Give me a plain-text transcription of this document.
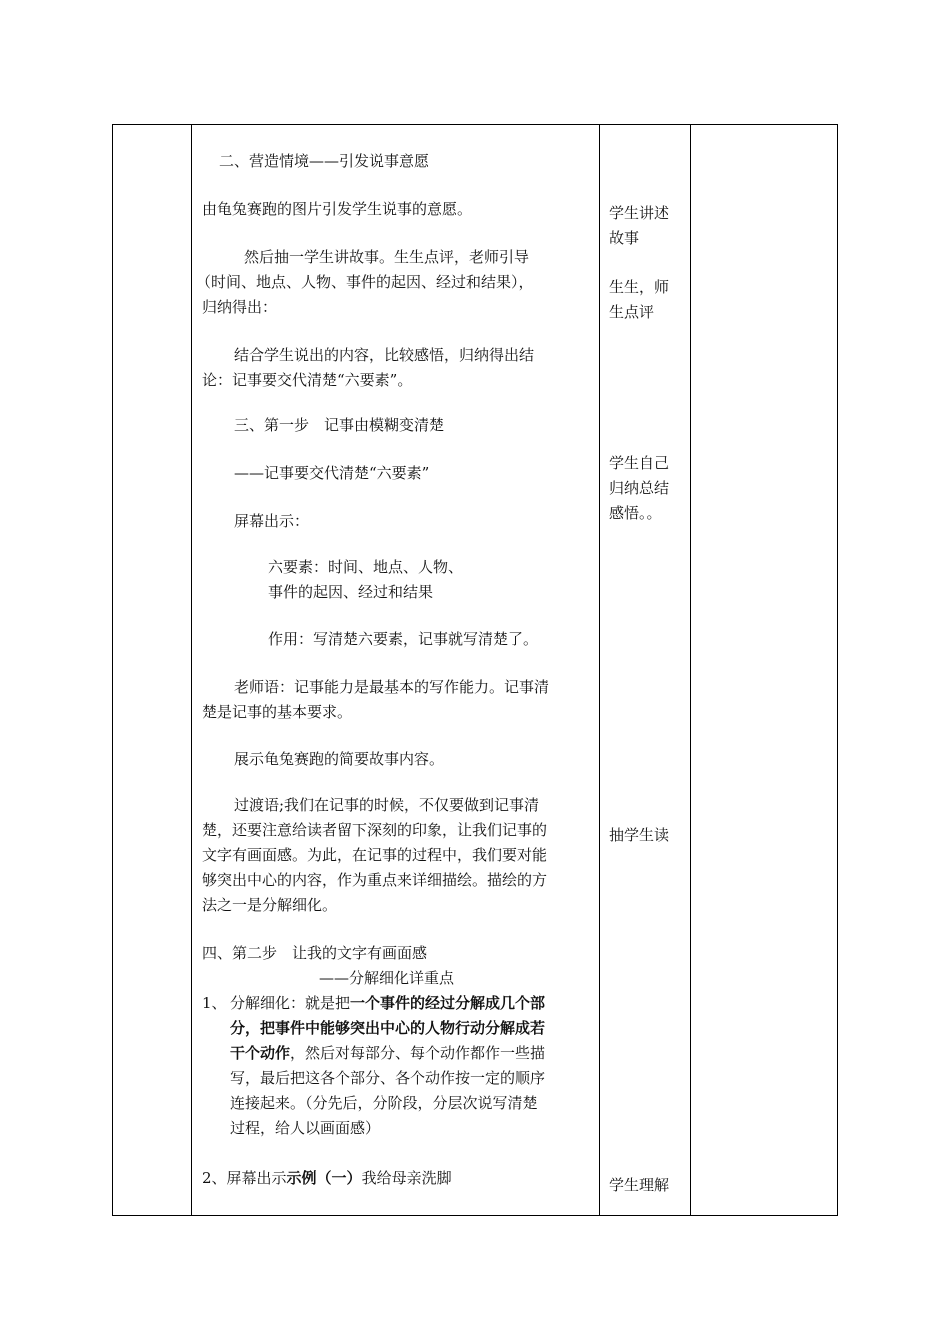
二、营造情境——引发说事意愿
由龟兔赛跑的图片引发学生说事的意愿。
然后抽一学生讲故事。生生点评，老师引导
（时间、地点、人物、事件的起因、经过和结果），
归纳得出：
结合学生说出的内容，比较感悟，归纳得出结
论：记事要交代清楚“六要素”。
三、第一步　记事由模糊变清楚
——记事要交代清楚“六要素”
屏幕出示：
六要素：时间、地点、人物、
事件的起因、经过和结果
作用：写清楚六要素，记事就写清楚了。
老师语：记事能力是最基本的写作能力。记事清
楚是记事的基本要求。
展示龟兔赛跑的简要故事内容。
过渡语;我们在记事的时候，不仅要做到记事清
楚，还要注意给读者留下深刻的印象，让我们记事的
文字有画面感。为此，在记事的过程中，我们要对能
够突出中心的内容，作为重点来详细描绘。描绘的方
法之一是分解细化。
四、第二步　让我的文字有画面感
——分解细化详重点
1、 分解细化：就是把一个事件的经过分解成几个部
分，把事件中能够突出中心的人物行动分解成若
干个动作，然后对每部分、每个动作都作一些描
写，最后把这各个部分、各个动作按一定的顺序
连接起来。（分先后，分阶段，分层次说写清楚
过程，给人以画面感）
2、屏幕出示示例（一）我给母亲洗脚
学生讲述
故事
生生，师
生点评
学生自己
归纳总结
感悟。。
抽学生读
学生理解
